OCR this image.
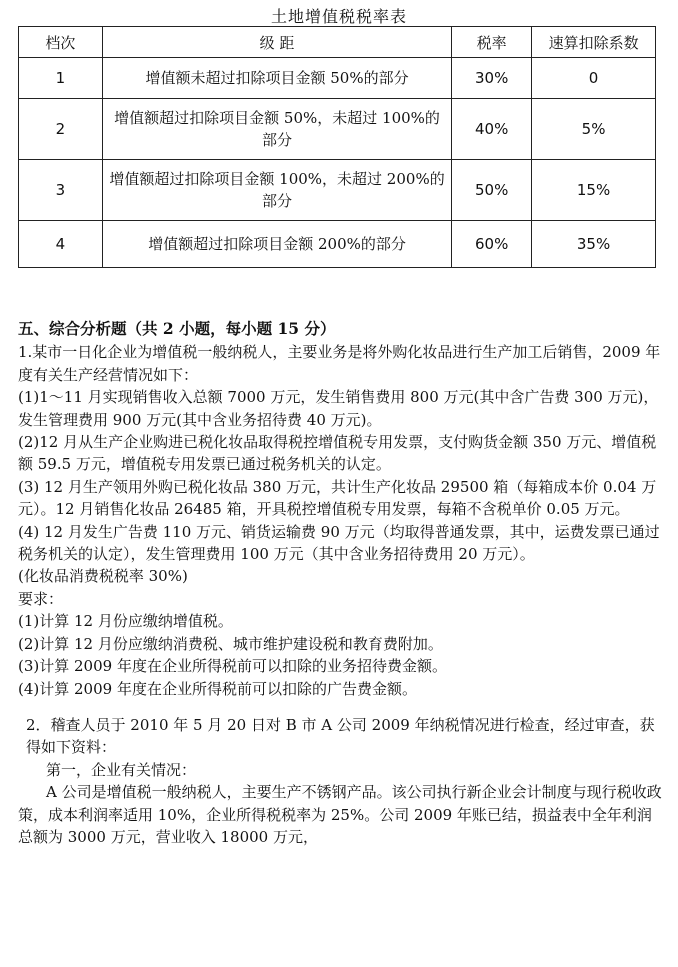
土地增值税税率表
档次	级 距	税率	速算扣除系数
1	增值额未超过扣除项目金额 50%的部分	30%	0
2	增值额超过扣除项目金额 50%，未超过 100%的部分	40%	5%
3	增值额超过扣除项目金额 100%，未超过 200%的部分	50%	15%
4	增值额超过扣除项目金额 200%的部分	60%	35%

五、综合分析题（共 2 小题，每小题 15 分）

1.某市一日化企业为增值税一般纳税人，主要业务是将外购化妆品进行生产加工后销售，2009 年度有关生产经营情况如下：

(1)1～11 月实现销售收入总额 7000 万元，发生销售费用 800 万元(其中含广告费 300 万元)，发生管理费用 900 万元(其中含业务招待费 40 万元)。

(2)12 月从生产企业购进已税化妆品取得税控增值税专用发票，支付购货金额 350 万元、增值税额 59.5 万元，增值税专用发票已通过税务机关的认定。

(3) 12 月生产领用外购已税化妆品 380 万元，共计生产化妆品 29500 箱（每箱成本价 0.04 万元）。12 月销售化妆品 26485 箱，开具税控增值税专用发票，每箱不含税单价 0.05 万元。

(4) 12 月发生广告费 110 万元、销货运输费 90 万元（均取得普通发票，其中，运费发票已通过税务机关的认定），发生管理费用 100 万元（其中含业务招待费用 20 万元）。

(化妆品消费税税率 30%)

要求：

(1)计算 12 月份应缴纳增值税。

(2)计算 12 月份应缴纳消费税、城市维护建设税和教育费附加。

(3)计算 2009 年度在企业所得税前可以扣除的业务招待费金额。

(4)计算 2009 年度在企业所得税前可以扣除的广告费金额。

2．稽查人员于 2010 年 5 月 20 日对 B 市 A 公司 2009 年纳税情况进行检查，经过审查，获得如下资料：

第一，企业有关情况：

A 公司是增值税一般纳税人，主要生产不锈钢产品。该公司执行新企业会计制度与现行税收政策，成本利润率适用 10%，企业所得税税率为 25%。公司 2009 年账已结，损益表中全年利润总额为 3000 万元，营业收入 18000 万元，
